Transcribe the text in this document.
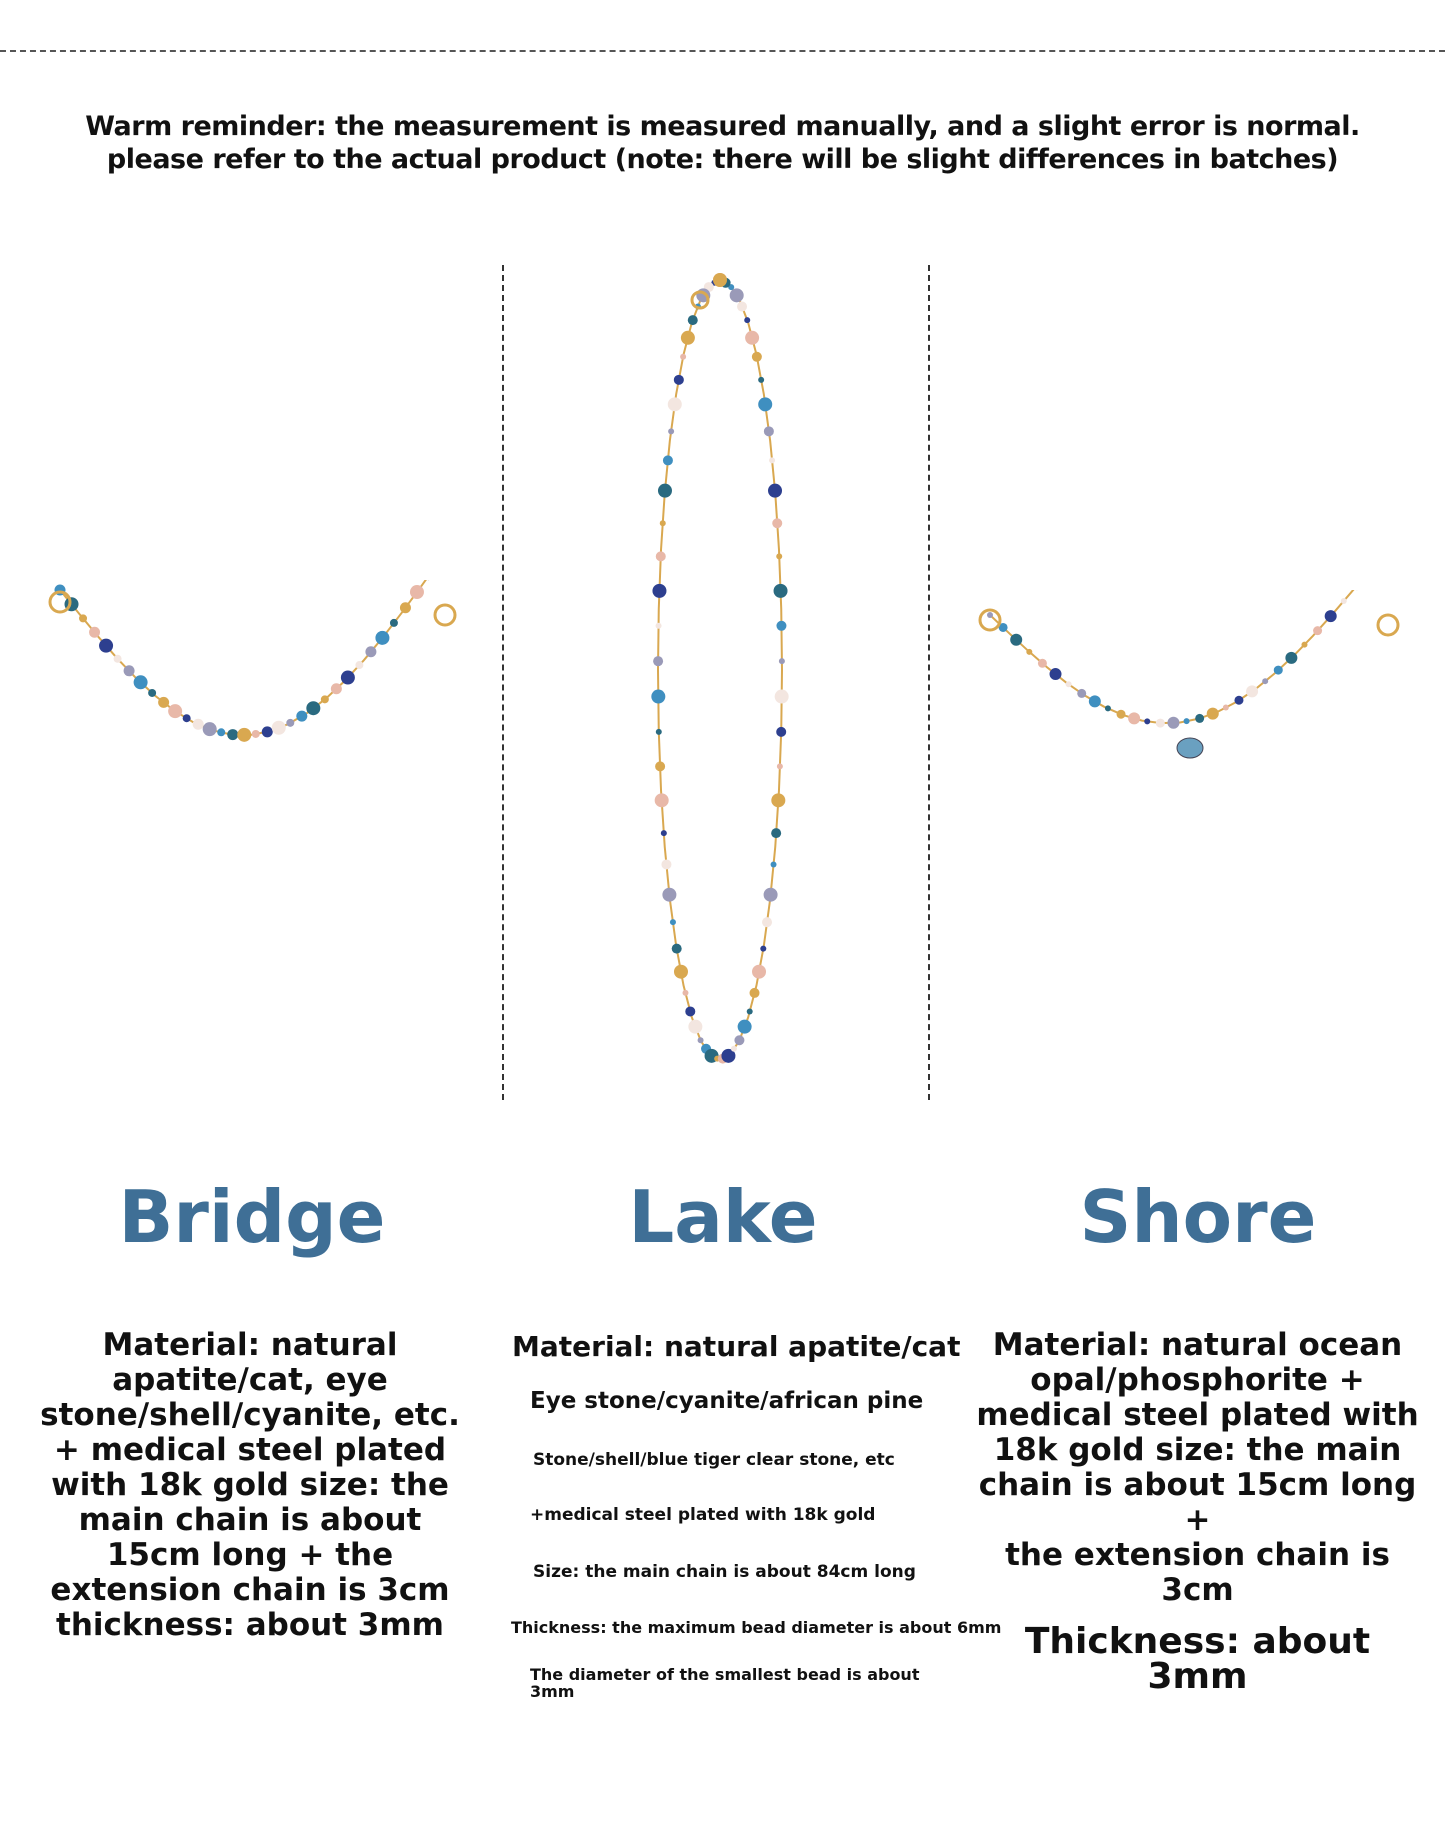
Warm reminder: the measurement is measured manually, and a slight error is normal.
please refer to the actual product (note: there will be slight differences in batches)
Bridge	Lake	Shore
Material: natural
apatite/cat, eye
stone/shell/cyanite, etc.
+ medical steel plated
with 18k gold size: the
main chain is about
15cm long + the
extension chain is 3cm
thickness: about 3mm
Material: natural apatite/cat
Eye stone/cyanite/african pine
Stone/shell/blue tiger clear stone, etc
+medical steel plated with 18k gold
Size: the main chain is about 84cm long
Thickness: the maximum bead diameter is about 6mm
The diameter of the smallest bead is about
3mm
Material: natural ocean
opal/phosphorite +
medical steel plated with
18k gold size: the main
chain is about 15cm long +
the extension chain is 3cm
Thickness: about 3mm
